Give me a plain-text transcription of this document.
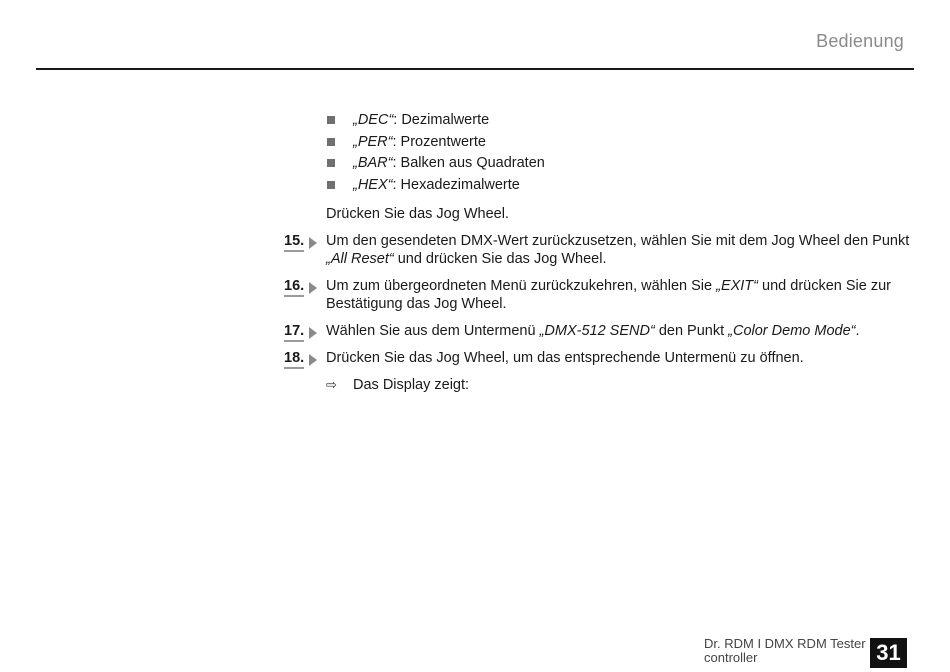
Bedienung
„DEC“: Dezimalwerte
„PER“: Prozentwerte
„BAR“: Balken aus Quadraten
„HEX“: Hexadezimalwerte

Drücken Sie das Jog Wheel.

15.	Um den gesendeten DMX-Wert zurückzusetzen, wählen Sie mit dem Jog Wheel den Punkt „All Reset“ und drücken Sie das Jog Wheel.
16.	Um zum übergeordneten Menü zurückzukehren, wählen Sie „EXIT“ und drücken Sie zur Bestätigung das Jog Wheel.
17.	Wählen Sie aus dem Untermenü „DMX-512 SEND“ den Punkt „Color Demo Mode“.
18.	Drücken Sie das Jog Wheel, um das entsprechende Untermenü zu öffnen.
⇨ Das Display zeigt:
Dr. RDM I DMX RDM Tester
controller	31
